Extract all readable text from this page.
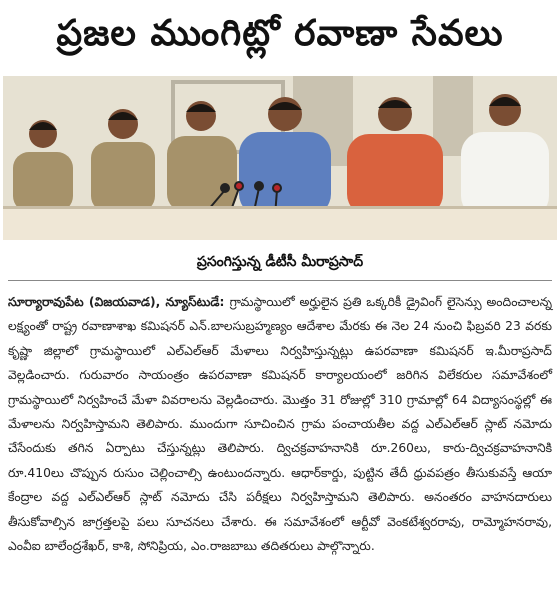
ప్రజల ముంగిట్లో రవాణా సేవలు
ప్రసంగిస్తున్న డీటీసీ మీరాప్రసాద్
సూర్యారావుపేట (విజయవాడ), న్యూస్‌టుడే: గ్రామస్థాయిలో అర్హులైన ప్రతి ఒక్కరికీ డ్రైవింగ్ లైసెన్సు అందించాలన్న లక్ష్యంతో రాష్ట్ర రవాణాశాఖ కమిషనర్ ఎన్.బాలసుబ్రహ్మణ్యం ఆదేశాల మేరకు ఈ నెల 24 నుంచి ఫిబ్రవరి 23 వరకు కృష్ణా జిల్లాలో గ్రామస్థాయిలో ఎల్ఎల్ఆర్ మేళాలు నిర్వహిస్తున్నట్లు ఉపరవాణా కమిషనర్ ఇ.మీరాప్రసాద్ వెల్లడించారు. గురువారం సాయంత్రం ఉపరవాణా కమిషనర్ కార్యాలయంలో జరిగిన విలేకరుల సమావేశంలో గ్రామస్థాయిలో నిర్వహించే మేళా వివరాలను వెల్లడించారు. మొత్తం 31 రోజుల్లో 310 గ్రామాల్లో 64 విద్యాసంస్థల్లో ఈ మేళాలను నిర్వహిస్తామని తెలిపారు. ముందుగా సూచించిన గ్రామ పంచాయతీల వద్ద ఎల్ఎల్ఆర్ స్లాట్ నమోదు చేసేందుకు తగిన ఏర్పాటు చేస్తున్నట్లు తెలిపారు. ద్విచక్రవాహనానికి రూ.260లు, కారు-ద్విచక్రవాహనానికి రూ.410లు చొప్పున రుసుం చెల్లించాల్సి ఉంటుందన్నారు. ఆధార్‌కార్డు, పుట్టిన తేదీ ధ్రువపత్రం తీసుకువస్తే ఆయా కేంద్రాల వద్ద ఎల్ఎల్ఆర్ స్లాట్ నమోదు చేసి పరీక్షలు నిర్వహిస్తామని తెలిపారు. అనంతరం వాహనదారులు తీసుకోవాల్సిన జాగ్రత్తలపై పలు సూచనలు చేశారు. ఈ సమావేశంలో ఆర్టీవో వెంకటేశ్వరరావు, రామ్మోహనరావు, ఎంవీఐ బాలేంద్రశేఖర్, కాశి, సోనిప్రియ, ఎం.రాజబాబు తదితరులు పాల్గొన్నారు.
